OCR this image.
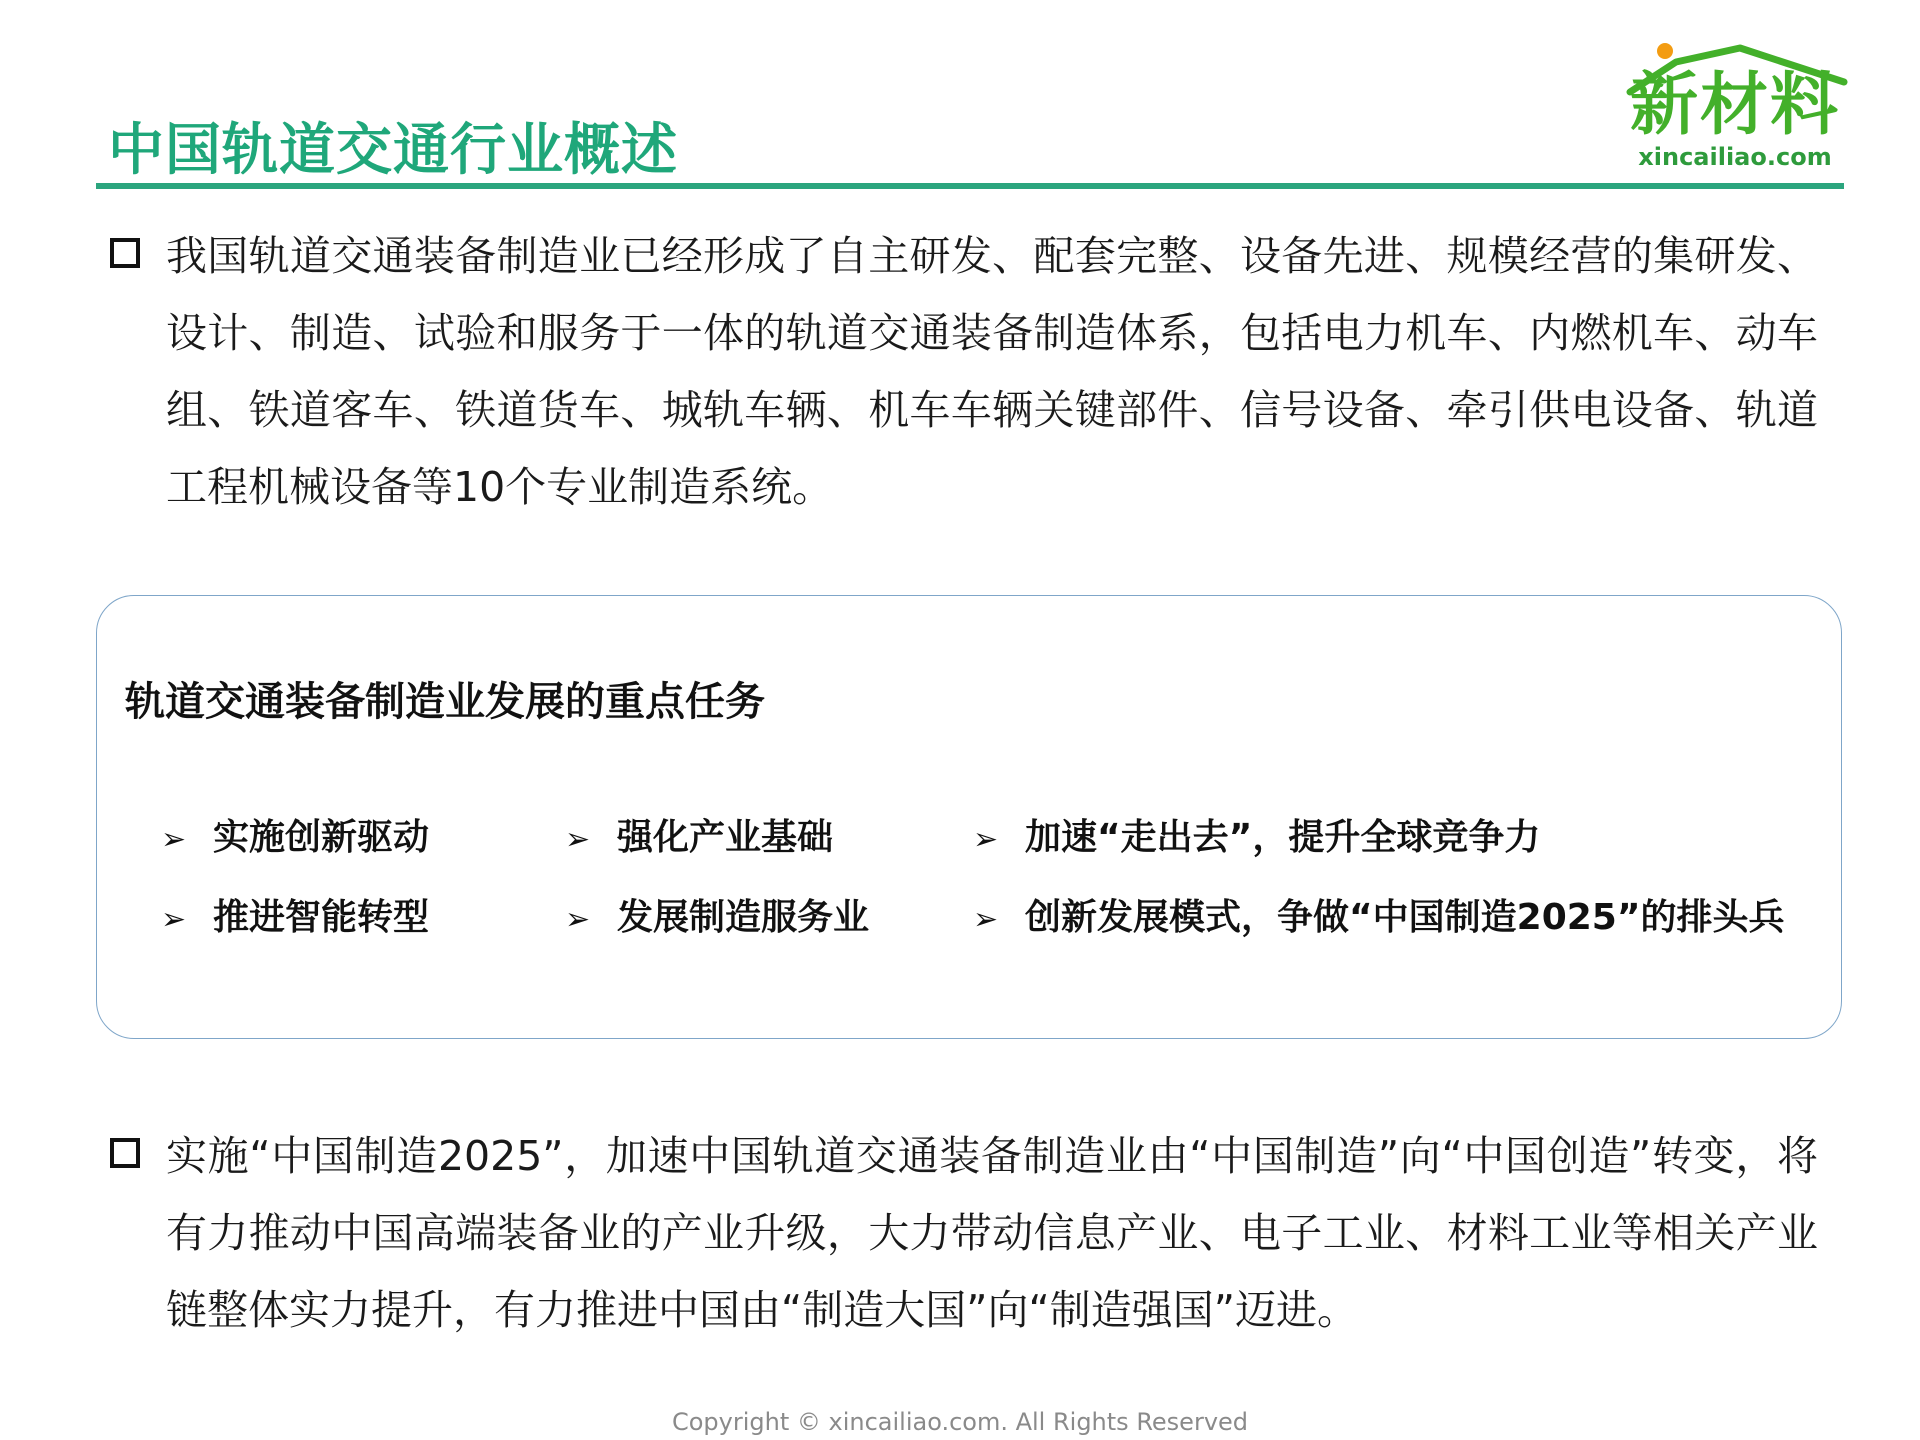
中国轨道交通行业概述
新材料
xincailiao.com
我国轨道交通装备制造业已经形成了自主研发、配套完整、设备先进、规模经营的集研发、设计、制造、试验和服务于一体的轨道交通装备制造体系，包括电力机车、内燃机车、动车组、铁道客车、铁道货车、城轨车辆、机车车辆关键部件、信号设备、牵引供电设备、轨道工程机械设备等10个专业制造系统。
轨道交通装备制造业发展的重点任务
➢ 实施创新驱动	➢ 强化产业基础	➢ 加速“走出去”，提升全球竞争力
➢ 推进智能转型	➢ 发展制造服务业	➢ 创新发展模式，争做“中国制造2025”的排头兵
实施“中国制造2025”，加速中国轨道交通装备制造业由“中国制造”向“中国创造”转变，将有力推动中国高端装备业的产业升级，大力带动信息产业、电子工业、材料工业等相关产业链整体实力提升，有力推进中国由“制造大国”向“制造强国”迈进。
Copyright © xincailiao.com. All Rights Reserved
